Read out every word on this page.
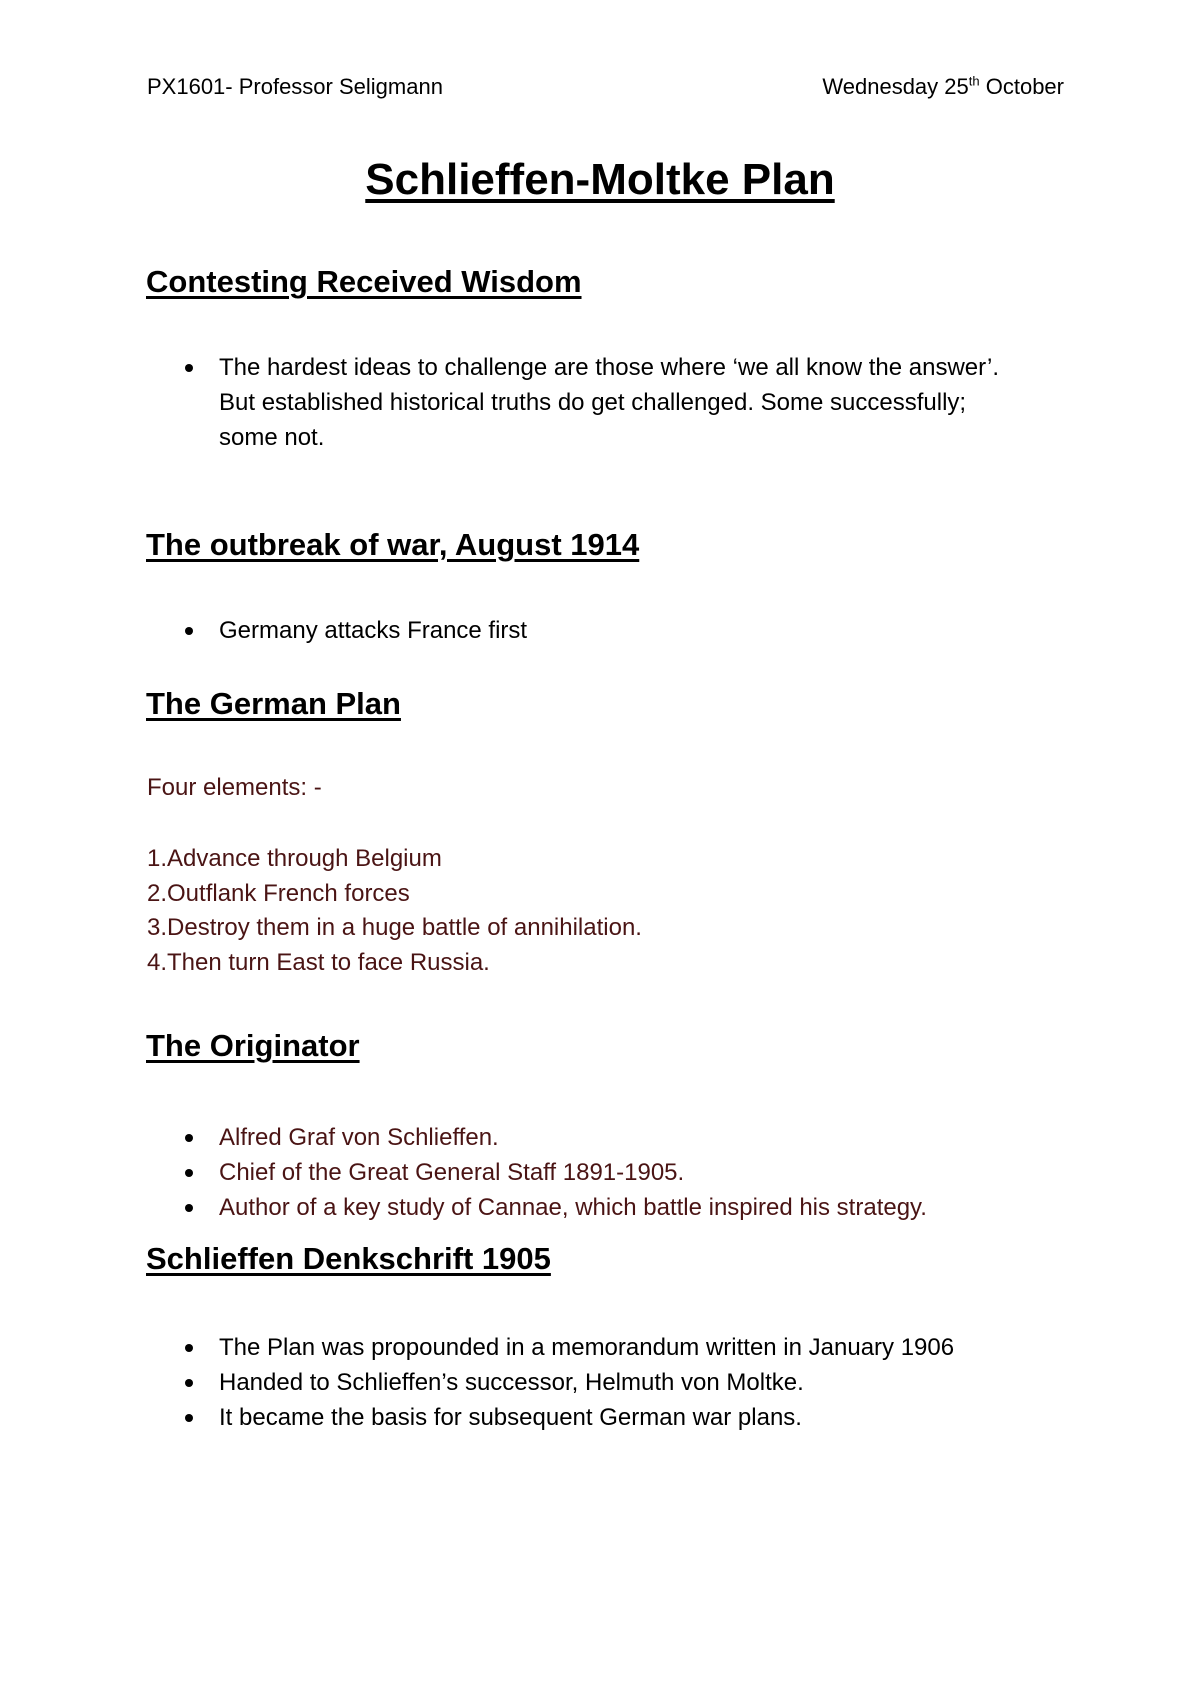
PX1601- Professor Seligmann	Wednesday 25th October
Schlieffen-Moltke Plan
Contesting Received Wisdom
The hardest ideas to challenge are those where ‘we all know the answer’. But established historical truths do get challenged. Some successfully; some not.
The outbreak of war, August 1914
Germany attacks France first
The German Plan
Four elements: -
1.Advance through Belgium
2.Outflank French forces
3.Destroy them in a huge battle of annihilation.
4.Then turn East to face Russia.
The Originator
Alfred Graf von Schlieffen.
Chief of the Great General Staff 1891-1905.
Author of a key study of Cannae, which battle inspired his strategy.
Schlieffen Denkschrift 1905
The Plan was propounded in a memorandum written in January 1906
Handed to Schlieffen’s successor, Helmuth von Moltke.
It became the basis for subsequent German war plans.
